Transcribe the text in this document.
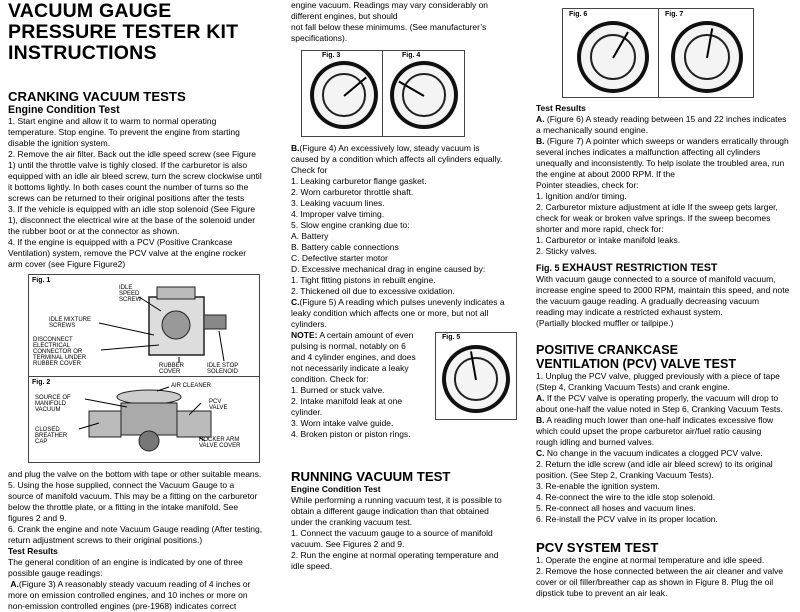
VACUUM GAUGE
PRESSURE TESTER KIT
INSTRUCTIONS
CRANKING VACUUM TESTS
Engine Condition Test
1. Start engine and allow it to warm to normal operating
temperature. Stop engine. To prevent the engine from starting
disable the ignition system.
2. Remove the air filter. Back out the idle speed screw (see Figure
1) until the throttle valve is tighly closed. If the carburetor is also
equipped with an idle air bleed screw, turn the screw clockwise until
it bottoms lightly. In both cases count the number of turns so the
screws can be returned to their original positions after the tests
3. If the vehicle is equipped with an idle stop solenoid (See Figure
1), disconnect the electrical wire at the base of the solenoid under
the rubber boot or at the connector as shown.
4. If the engine is equipped with a PCV (Positive Crankcase
Ventilation) system, remove the PCV valve at the engine rocker
arm cover (see Figure Figure2)
Fig. 1
IDLE SPEED SCREW
IDLE MIXTURE SCREWS
DISCONNECT ELECTRICAL CONNECTOR OR TERMINAL UNDER RUBBER COVER	RUBBER COVER
IDLE STOP SOLENOID
Fig. 2	AIR CLEANER
SOURCE OF MANIFOLD VACUUM
PCV VALVE
CLOSED BREATHER CAP	ROCKER ARM VALVE COVER
and plug the valve on the bottom with tape or other suitable means.
5. Using the hose supplied, connect the Vacuum Gauge to a
source of manifold vacuum. This may be a fitting on the carburetor
below the throttle plate, or a fitting in the intake manifold. See
figures 2 and 9.
6. Crank the engine and note Vacuum Gauge reading (After testing,
return adjustment screws to their original positions.)
Test Results
The general condition of an engine is indicated by one of three
possible gauge readings:
A.(Figure 3) A reasonably steady vacuum reading of 4 inches or
more on emission controlled engines, and 10 inches or more on
non-emission controlled engines (pre-1968) indicates correct
engine vacuum. Readings may vary considerably on
different engines, but should
not fall below these minimums. (See manufacturer’s
specifications).
Fig. 3	Fig. 4
B.(Figure 4) An excessively low, steady vacuum is
caused by a condition which affects all cylinders equally.
Check for
1. Leaking carburetor flange gasket.
2. Worn carburetor throttle shaft.
3. Leaking vacuum lines.
4. Improper valve timing.
5. Slow engine cranking due to:
A. Battery
B. Battery cable connections
C. Defective starter motor
D. Excessive mechanical drag in engine caused by:
1. Tight fitting pistons in rebuilt engine.
2. Thickened oil due to excessive oxidation.
C.(Figure 5) A reading which pulses unevenly indicates a
leaky condition which affects one or more, but not all
cylinders.
NOTE: A certain amount of even
pulsing is normal, notably on 6
and 4 cylinder engines, and does
not necessarily indicate a leaky
condition. Check for:
1. Burned or stuck valve.
2. Intake manifold leak at one
cylinder.
3. Worn intake valve guide.
4. Broken piston or piston rings.
Fig. 5
RUNNING VACUUM TEST
Engine Condition Test
While performing a running vacuum test, it is possible to
obtain a different gauge indication than that obtained
under the cranking vacuum test.
1. Connect the vacuum gauge to a source of manifold
vacuum. See Figures 2 and 9.
2. Run the engine at normal operating temperature and
idle speed.
Fig. 6	Fig. 7
Test Results
A. (Figure 6) A steady reading between 15 and 22 inches indicates
a mechanically sound engine.
B. (Figure 7) A pointer which sweeps or wanders erratically through
several inches indicates a malfunction affecting all cylinders
unequally and inconsistently. To help isolate the troubled area, run
the engine at about 2000 RPM. If the
Pointer steadies, check for:
1. Ignition and/or timing.
2. Carburetor mixture adjustment at idle If the sweep gets larger,
check for weak or broken valve springs. If the sweep becomes
shorter and more rapid, check for:
1. Carburetor or intake manifold leaks.
2. Sticky valves.
Fig. 5 EXHAUST RESTRICTION TEST
With vacuum gauge connected to a source of manifold vacuum,
increase engine speed to 2000 RPM, maintain this speed, and note
the vacuum gauge reading. A gradually decreasing vacuum
reading may indicate a restricted exhaust system.
(Partially blocked muffler or tailpipe.)
POSITIVE CRANKCASE
VENTILATION (PCV) VALVE TEST
1. Unplug the PCV valve, plugged previously with a piece of tape
(Step 4, Cranking Vacuum Tests) and crank engine.
A. If the PCV valve is operating properly, the vacuum will drop to
about one-half the value noted in Step 6, Cranking Vacuum Tests.
B. A reading much lower than one-half indicates excessive flow
which could upset the prope carburetor air/fuel ratio causing
rough idling and burned valves.
C. No change in the vacuum indicates a clogged PCV valve.
2. Return the idle screw (and idle air bleed screw) to its original
position. (See Step 2, Cranking Vacuum Tests).
3. Re-enable the ignition system.
4. Re-connect the wire to the idle stop solenoid.
5. Re-connect all hoses and vacuum lines.
6. Re-install the PCV valve in its proper location.
PCV SYSTEM TEST
1. Operate the engine at normal temperature and idle speed.
2. Remove the hose connected between the air cleaner and valve
cover or oil filler/breather cap as shown in Figure 8. Plug the oil
dipstick tube to prevent an air leak.
